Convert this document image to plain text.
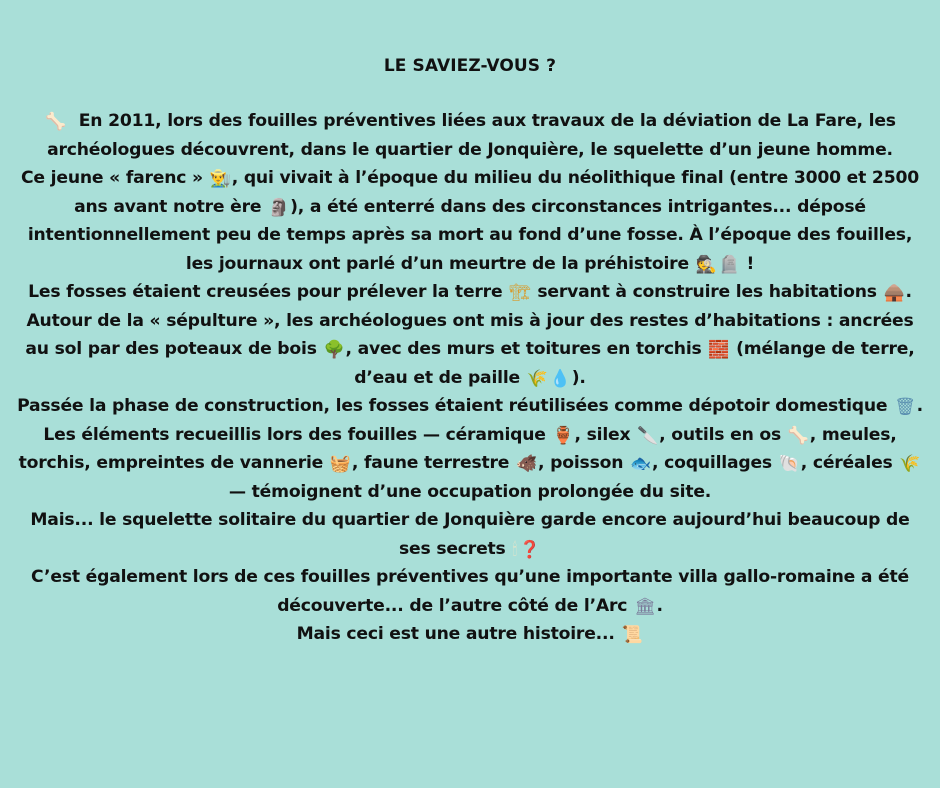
LE SAVIEZ-VOUS ?

🦴 En 2011, lors des fouilles préventives liées aux travaux de la déviation de La Fare, les archéologues découvrent, dans le quartier de Jonquière, le squelette d’un jeune homme.

Ce jeune « farenc » 👨‍🌾, qui vivait à l’époque du milieu du néolithique final (entre 3000 et 2500 ans avant notre ère 🗿), a été enterré dans des circonstances intrigantes... déposé intentionnellement peu de temps après sa mort au fond d’une fosse. À l’époque des fouilles, les journaux ont parlé d’un meurtre de la préhistoire 🕵 🪦 !

Les fosses étaient creusées pour prélever la terre 🏗 servant à construire les habitations 🛖.

Autour de la « sépulture », les archéologues ont mis à jour des restes d’habitations : ancrées au sol par des poteaux de bois 🌳, avec des murs et toitures en torchis 🧱 (mélange de terre, d’eau et de paille 🌾 💧).

Passée la phase de construction, les fosses étaient réutilisées comme dépotoir domestique 🗑.

Les éléments recueillis lors des fouilles — céramique 🏺, silex 🔪, outils en os 🦴, meules, torchis, empreintes de vannerie 🧺, faune terrestre 🐗, poisson 🐟, coquillages 🐚, céréales 🌾 — témoignent d’une occupation prolongée du site.

Mais... le squelette solitaire du quartier de Jonquière garde encore aujourd’hui beaucoup de ses secrets 🕯 ❓

C’est également lors de ces fouilles préventives qu’une importante villa gallo-romaine a été découverte... de l’autre côté de l’Arc 🏛.

Mais ceci est une autre histoire... 📜
